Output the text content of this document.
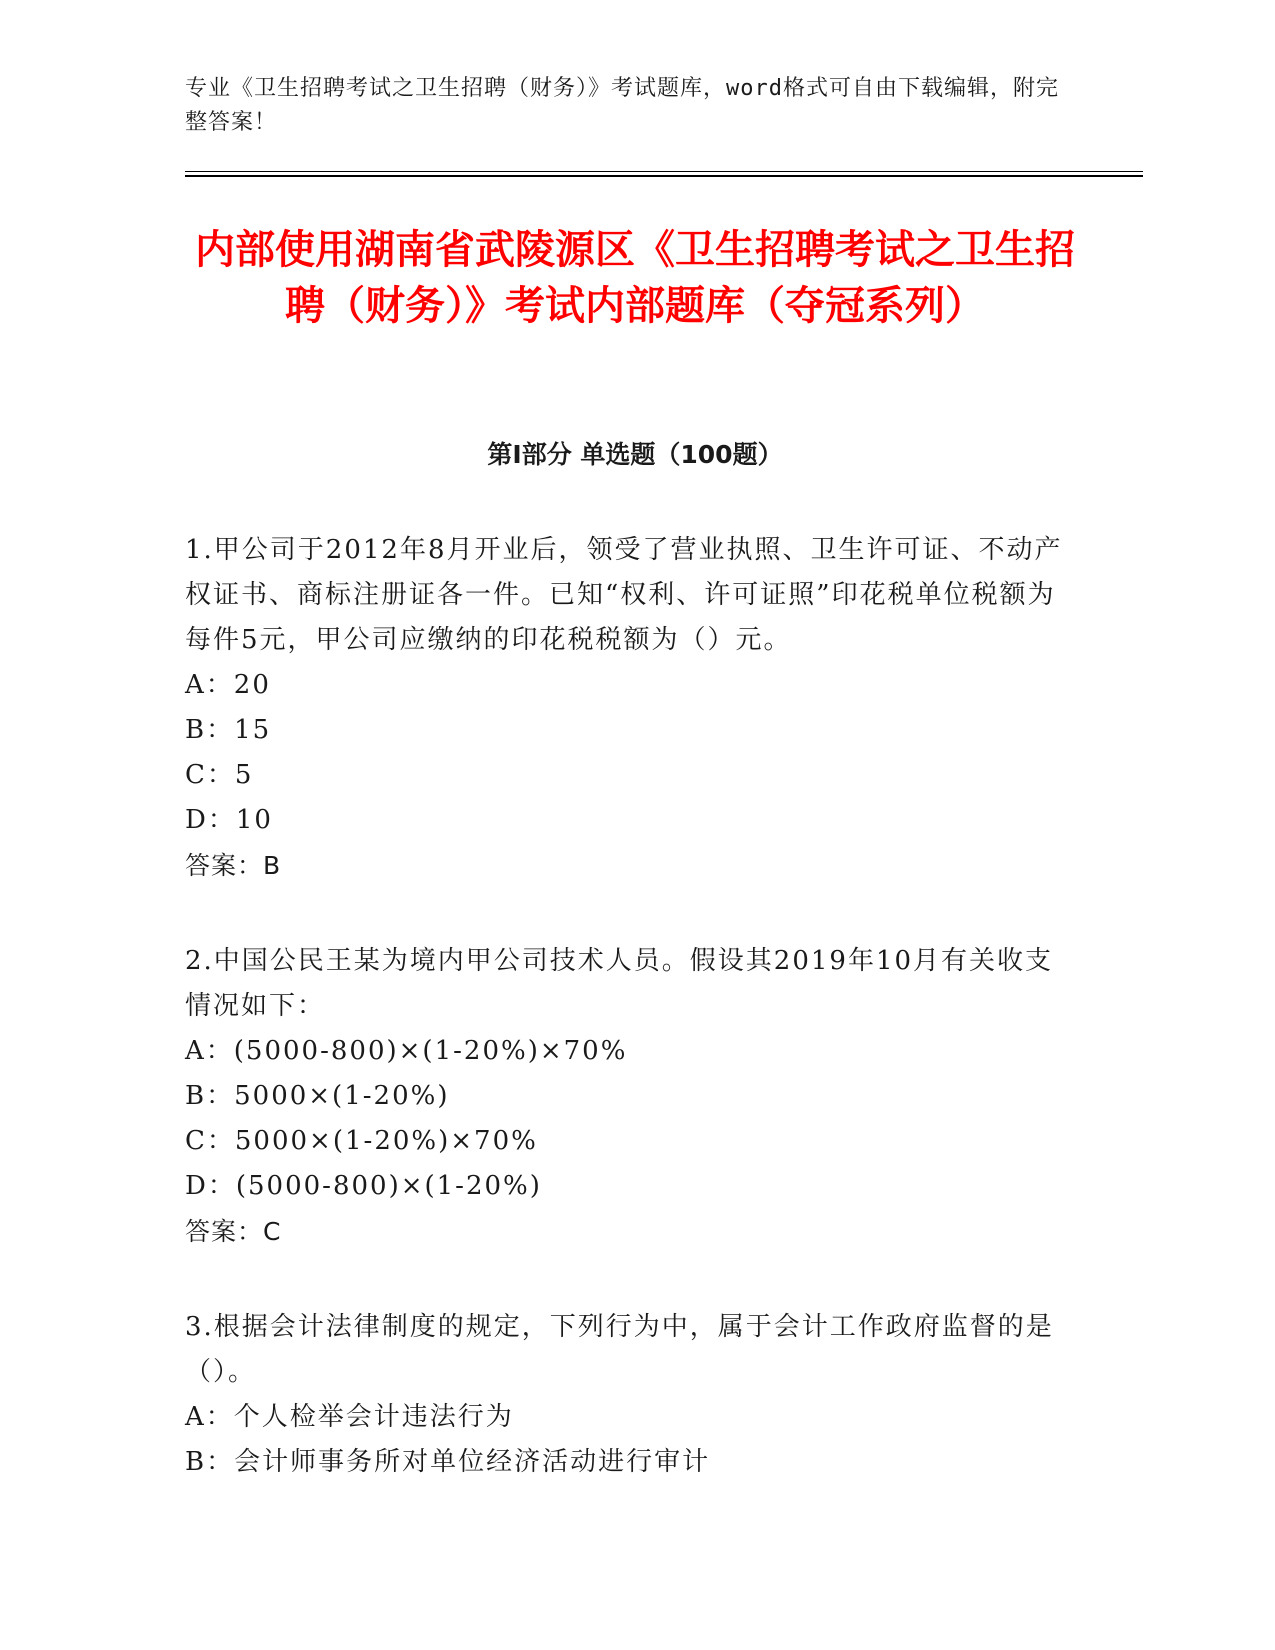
专业《卫生招聘考试之卫生招聘（财务）》考试题库，word格式可自由下载编辑，附完整答案！
内部使用湖南省武陵源区《卫生招聘考试之卫生招聘（财务）》考试内部题库（夺冠系列）
第I部分 单选题（100题）
1.甲公司于2012年8月开业后，领受了营业执照、卫生许可证、不动产权证书、商标注册证各一件。已知“权利、许可证照”印花税单位税额为每件5元，甲公司应缴纳的印花税税额为（）元。
A：20
B：15
C：5
D：10
答案：B
2.中国公民王某为境内甲公司技术人员。假设其2019年10月有关收支情况如下：
A：(5000-800)×(1-20%)×70%
B：5000×(1-20%)
C：5000×(1-20%)×70%
D：(5000-800)×(1-20%)
答案：C
3.根据会计法律制度的规定，下列行为中，属于会计工作政府监督的是（）。
A：个人检举会计违法行为
B：会计师事务所对单位经济活动进行审计
